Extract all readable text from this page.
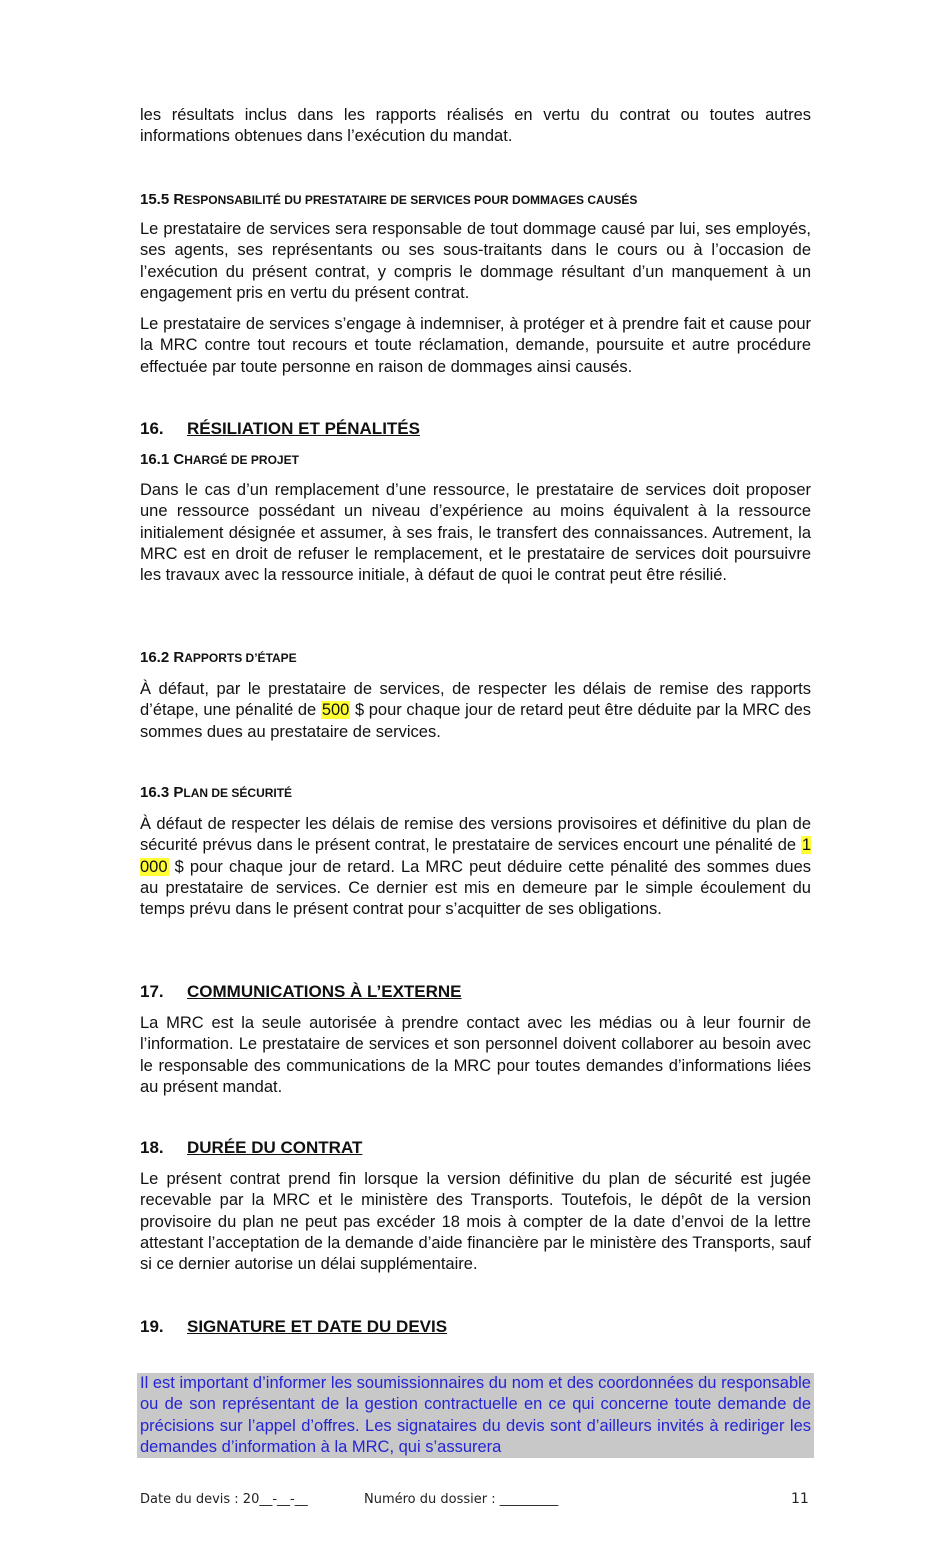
les résultats inclus dans les rapports réalisés en vertu du contrat ou toutes autres informations obtenues dans l’exécution du mandat.

15.5 RESPONSABILITÉ DU PRESTATAIRE DE SERVICES POUR DOMMAGES CAUSÉS

Le prestataire de services sera responsable de tout dommage causé par lui, ses employés, ses agents, ses représentants ou ses sous-traitants dans le cours ou à l’occasion de l’exécution du présent contrat, y compris le dommage résultant d’un manquement à un engagement pris en vertu du présent contrat.

Le prestataire de services s’engage à indemniser, à protéger et à prendre fait et cause pour la MRC contre tout recours et toute réclamation, demande, poursuite et autre procédure effectuée par toute personne en raison de dommages ainsi causés.

16. RÉSILIATION ET PÉNALITÉS
16.1 CHARGÉ DE PROJET

Dans le cas d’un remplacement d’une ressource, le prestataire de services doit proposer une ressource possédant un niveau d’expérience au moins équivalent à la ressource initialement désignée et assumer, à ses frais, le transfert des connaissances. Autrement, la MRC est en droit de refuser le remplacement, et le prestataire de services doit poursuivre les travaux avec la ressource initiale, à défaut de quoi le contrat peut être résilié.

16.2 RAPPORTS D’ÉTAPE

À défaut, par le prestataire de services, de respecter les délais de remise des rapports d’étape, une pénalité de 500 $ pour chaque jour de retard peut être déduite par la MRC des sommes dues au prestataire de services.

16.3 PLAN DE SÉCURITÉ

À défaut de respecter les délais de remise des versions provisoires et définitive du plan de sécurité prévus dans le présent contrat, le prestataire de services encourt une pénalité de 1 000 $ pour chaque jour de retard. La MRC peut déduire cette pénalité des sommes dues au prestataire de services. Ce dernier est mis en demeure par le simple écoulement du temps prévu dans le présent contrat pour s’acquitter de ses obligations.

17. COMMUNICATIONS À L’EXTERNE

La MRC est la seule autorisée à prendre contact avec les médias ou à leur fournir de l’information. Le prestataire de services et son personnel doivent collaborer au besoin avec le responsable des communications de la MRC pour toutes demandes d’informations liées au présent mandat.

18. DURÉE DU CONTRAT

Le présent contrat prend fin lorsque la version définitive du plan de sécurité est jugée recevable par la MRC et le ministère des Transports. Toutefois, le dépôt de la version provisoire du plan ne peut pas excéder 18 mois à compter de la date d’envoi de la lettre attestant l’acceptation de la demande d’aide financière par le ministère des Transports, sauf si ce dernier autorise un délai supplémentaire.

19. SIGNATURE ET DATE DU DEVIS

Il est important d’informer les soumissionnaires du nom et des coordonnées du responsable ou de son représentant de la gestion contractuelle en ce qui concerne toute demande de précisions sur l’appel d’offres. Les signataires du devis sont d’ailleurs invités à rediriger les demandes d’information à la MRC, qui s’assurera

Date du devis : 20__-__-__	Numéro du dossier : _________	11
